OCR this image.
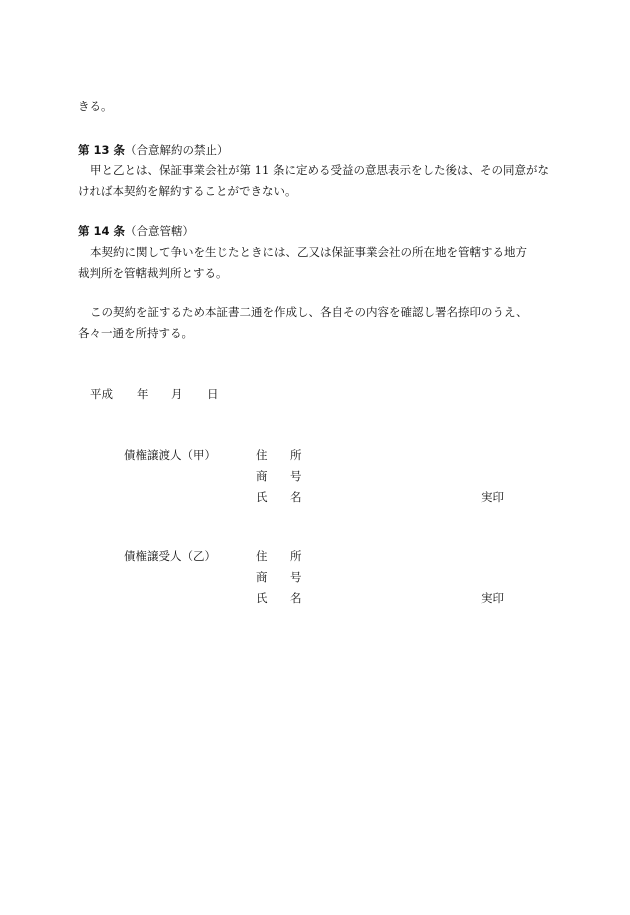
きる。
第 13 条（合意解約の禁止）
甲と乙とは、保証事業会社が第 11 条に定める受益の意思表示をした後は、その同意がな
ければ本契約を解約することができない。
第 14 条（合意管轄）
本契約に関して争いを生じたときには、乙又は保証事業会社の所在地を管轄する地方
裁判所を管轄裁判所とする。
この契約を証するため本証書二通を作成し、各自その内容を確認し署名捺印のうえ、
各々一通を所持する。
平成 年 月 日
債権譲渡人（甲）	住 所
商 号
氏 名	実印
債権譲受人（乙）	住 所
商 号
氏 名	実印
